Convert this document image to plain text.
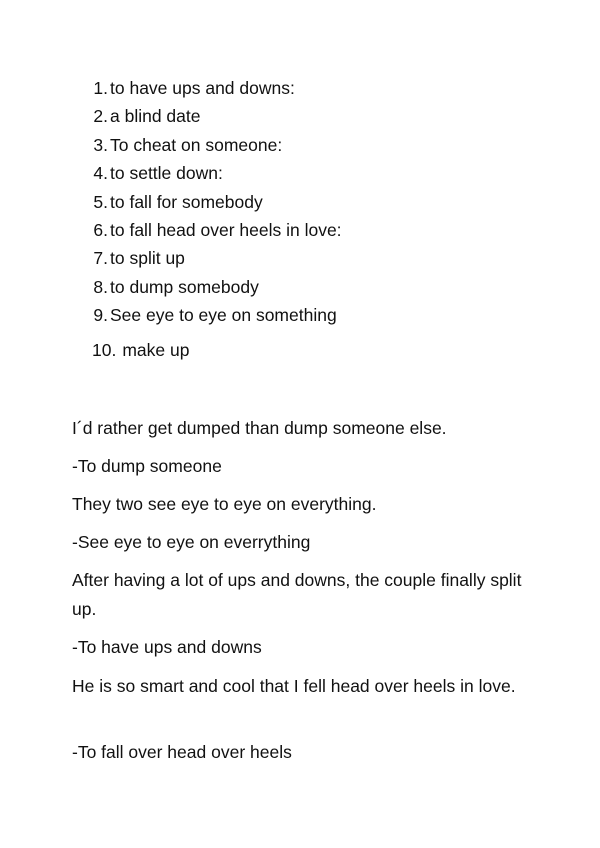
1. to have ups and downs:
2. a blind date
3. To cheat on someone:
4. to settle down:
5. to fall for somebody
6. to fall head over heels in love:
7. to split up
8. to dump somebody
9. See eye to eye on something
10. make up

I´d rather get dumped than dump someone else.

-To dump someone

They two see eye to eye on everything.

-See eye to eye on everrything

After having a lot of ups and downs, the couple finally split up.

-To have ups and downs

He is so smart and cool that I fell head over heels in love.

-To fall over head over heels
